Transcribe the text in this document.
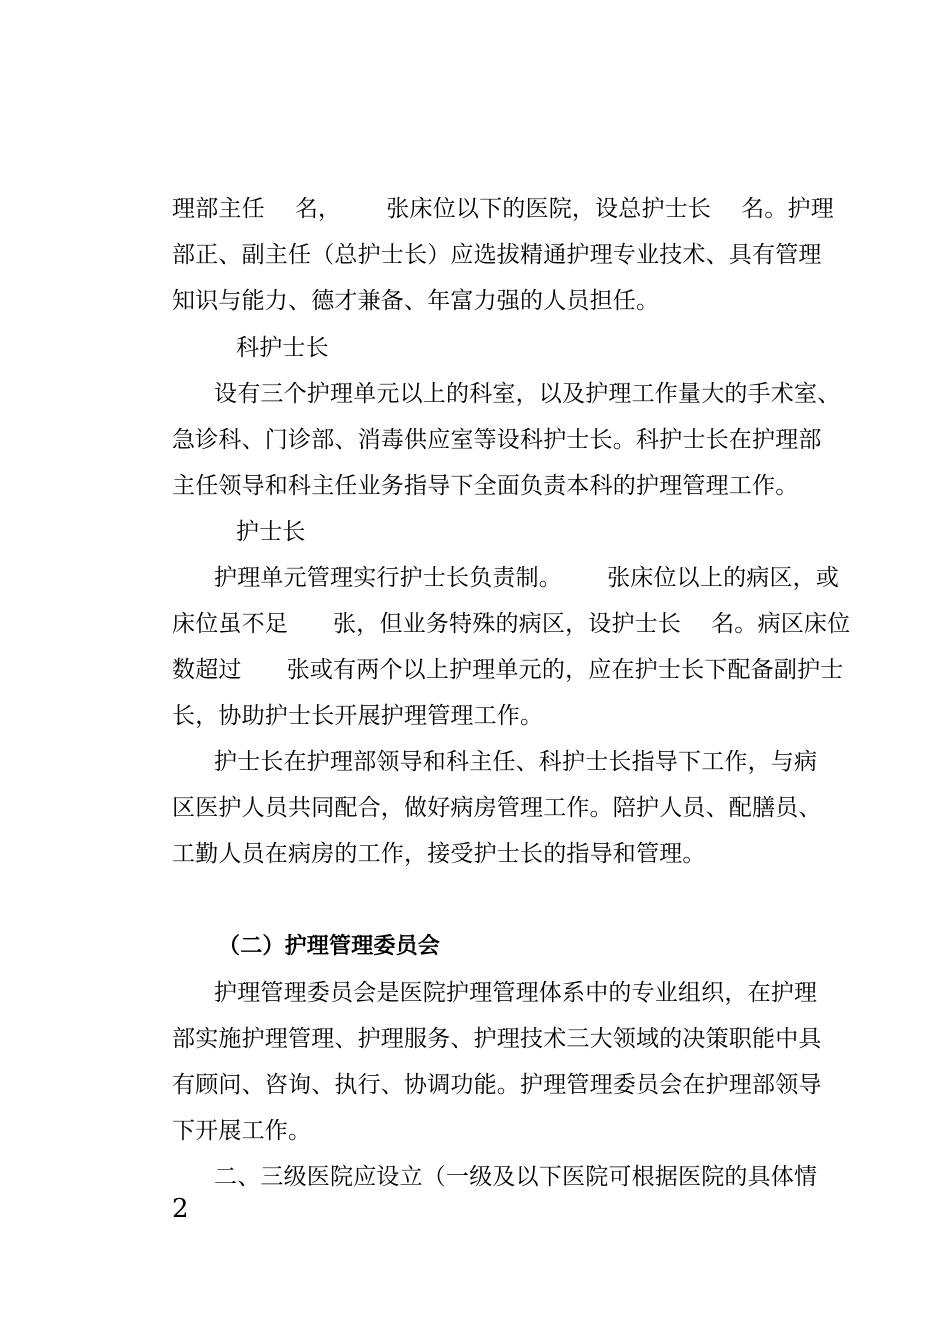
理部主任    名，      张床位以下的医院，设总护士长    名。护理
部正、副主任（总护士长）应选拔精通护理专业技术、具有管理
知识与能力、德才兼备、年富力强的人员担任。
科护士长
设有三个护理单元以上的科室，以及护理工作量大的手术室、
急诊科、门诊部、消毒供应室等设科护士长。科护士长在护理部
主任领导和科主任业务指导下全面负责本科的护理管理工作。
护士长
护理单元管理实行护士长负责制。      张床位以上的病区，或
床位虽不足      张，但业务特殊的病区，设护士长    名。病区床位
数超过      张或有两个以上护理单元的，应在护士长下配备副护士
长，协助护士长开展护理管理工作。
护士长在护理部领导和科主任、科护士长指导下工作，与病
区医护人员共同配合，做好病房管理工作。陪护人员、配膳员、
工勤人员在病房的工作，接受护士长的指导和管理。
（二）护理管理委员会
护理管理委员会是医院护理管理体系中的专业组织，在护理
部实施护理管理、护理服务、护理技术三大领域的决策职能中具
有顾问、咨询、执行、协调功能。护理管理委员会在护理部领导
下开展工作。
二、三级医院应设立（一级及以下医院可根据医院的具体情
2
